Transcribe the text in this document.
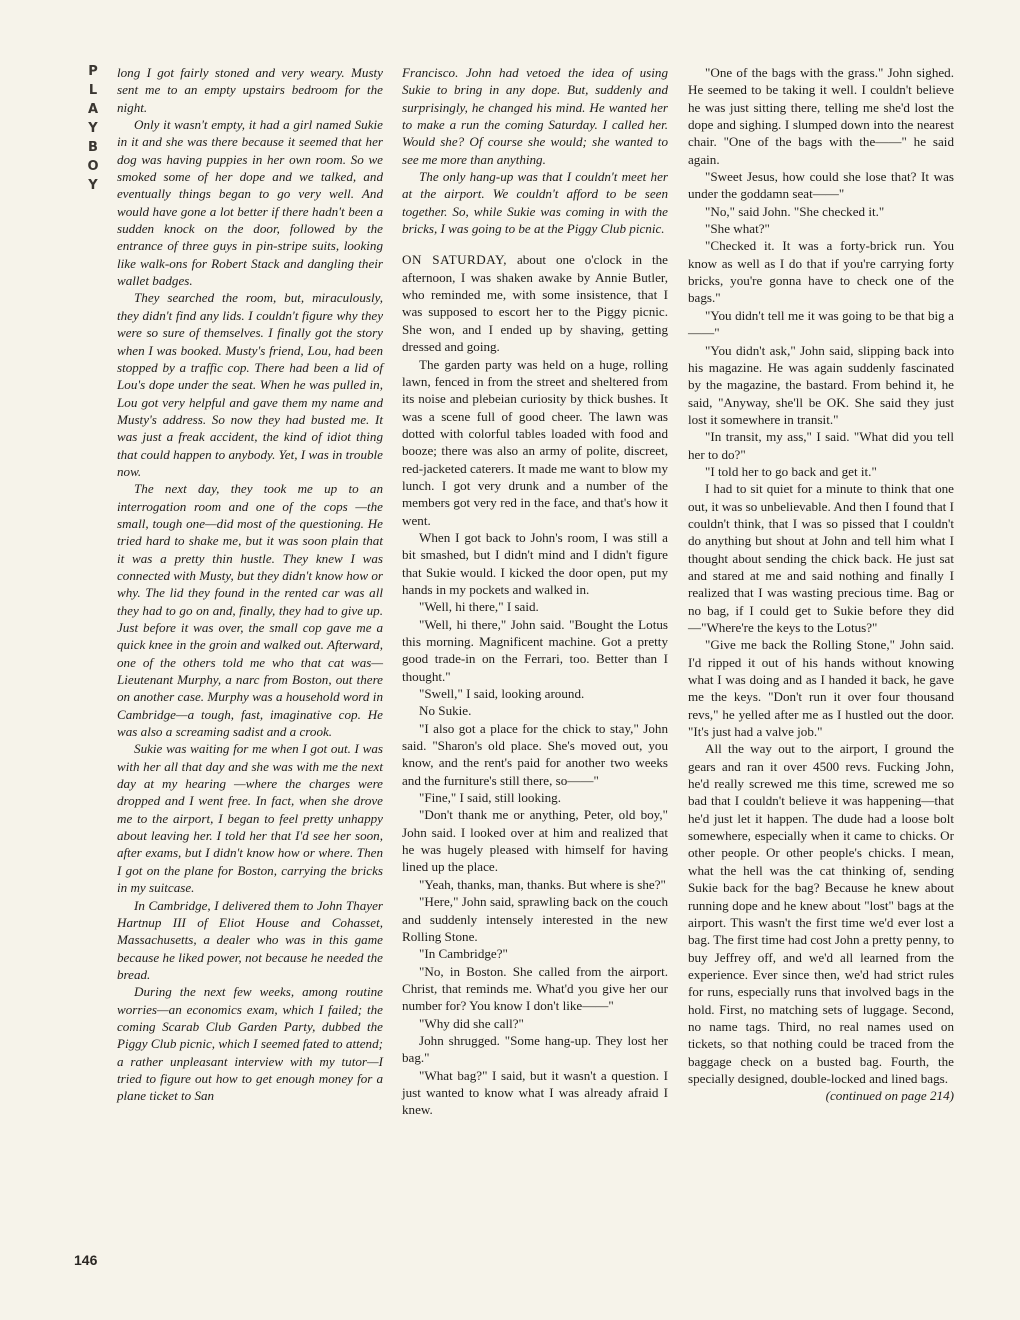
P
L
A
Y
B
O
Y
146

long I got fairly stoned and very weary. Musty sent me to an empty upstairs bedroom for the night.

Only it wasn't empty, it had a girl named Sukie in it and she was there because it seemed that her dog was having puppies in her own room. So we smoked some of her dope and we talked, and eventually things began to go very well. And would have gone a lot better if there hadn't been a sudden knock on the door, followed by the entrance of three guys in pin-stripe suits, looking like walk-ons for Robert Stack and dangling their wallet badges.

They searched the room, but, miraculously, they didn't find any lids. I couldn't figure why they were so sure of themselves. I finally got the story when I was booked. Musty's friend, Lou, had been stopped by a traffic cop. There had been a lid of Lou's dope under the seat. When he was pulled in, Lou got very helpful and gave them my name and Musty's address. So now they had busted me. It was just a freak accident, the kind of idiot thing that could happen to anybody. Yet, I was in trouble now.

The next day, they took me up to an interrogation room and one of the cops —the small, tough one—did most of the questioning. He tried hard to shake me, but it was soon plain that it was a pretty thin hustle. They knew I was connected with Musty, but they didn't know how or why. The lid they found in the rented car was all they had to go on and, finally, they had to give up. Just before it was over, the small cop gave me a quick knee in the groin and walked out. Afterward, one of the others told me who that cat was—Lieutenant Murphy, a narc from Boston, out there on another case. Murphy was a household word in Cambridge—a tough, fast, imaginative cop. He was also a screaming sadist and a crook.

Sukie was waiting for me when I got out. I was with her all that day and she was with me the next day at my hearing —where the charges were dropped and I went free. In fact, when she drove me to the airport, I began to feel pretty unhappy about leaving her. I told her that I'd see her soon, after exams, but I didn't know how or where. Then I got on the plane for Boston, carrying the bricks in my suitcase.

In Cambridge, I delivered them to John Thayer Hartnup III of Eliot House and Cohasset, Massachusetts, a dealer who was in this game because he liked power, not because he needed the bread.

During the next few weeks, among routine worries—an economics exam, which I failed; the coming Scarab Club Garden Party, dubbed the Piggy Club picnic, which I seemed fated to attend; a rather unpleasant interview with my tutor—I tried to figure out how to get enough money for a plane ticket to San

Francisco. John had vetoed the idea of using Sukie to bring in any dope. But, suddenly and surprisingly, he changed his mind. He wanted her to make a run the coming Saturday. I called her. Would she? Of course she would; she wanted to see me more than anything.

The only hang-up was that I couldn't meet her at the airport. We couldn't afford to be seen together. So, while Sukie was coming in with the bricks, I was going to be at the Piggy Club picnic.

ON SATURDAY, about one o'clock in the afternoon, I was shaken awake by Annie Butler, who reminded me, with some insistence, that I was supposed to escort her to the Piggy picnic. She won, and I ended up by shaving, getting dressed and going.

The garden party was held on a huge, rolling lawn, fenced in from the street and sheltered from its noise and plebeian curiosity by thick bushes. It was a scene full of good cheer. The lawn was dotted with colorful tables loaded with food and booze; there was also an army of polite, discreet, red-jacketed caterers. It made me want to blow my lunch. I got very drunk and a number of the members got very red in the face, and that's how it went.

When I got back to John's room, I was still a bit smashed, but I didn't mind and I didn't figure that Sukie would. I kicked the door open, put my hands in my pockets and walked in.

"Well, hi there," I said.

"Well, hi there," John said. "Bought the Lotus this morning. Magnificent machine. Got a pretty good trade-in on the Ferrari, too. Better than I thought."

"Swell," I said, looking around.

No Sukie.

"I also got a place for the chick to stay," John said. "Sharon's old place. She's moved out, you know, and the rent's paid for another two weeks and the furniture's still there, so——"

"Fine," I said, still looking.

"Don't thank me or anything, Peter, old boy," John said. I looked over at him and realized that he was hugely pleased with himself for having lined up the place.

"Yeah, thanks, man, thanks. But where is she?"

"Here," John said, sprawling back on the couch and suddenly intensely interested in the new Rolling Stone.

"In Cambridge?"

"No, in Boston. She called from the airport. Christ, that reminds me. What'd you give her our number for? You know I don't like——"

"Why did she call?"

John shrugged. "Some hang-up. They lost her bag."

"What bag?" I said, but it wasn't a question. I just wanted to know what I was already afraid I knew.

"One of the bags with the grass." John sighed. He seemed to be taking it well. I couldn't believe he was just sitting there, telling me she'd lost the dope and sighing. I slumped down into the nearest chair. "One of the bags with the——" he said again.

"Sweet Jesus, how could she lose that? It was under the goddamn seat——"

"No," said John. "She checked it."

"She what?"

"Checked it. It was a forty-brick run. You know as well as I do that if you're carrying forty bricks, you're gonna have to check one of the bags."

"You didn't tell me it was going to be that big a——"

"You didn't ask," John said, slipping back into his magazine. He was again suddenly fascinated by the magazine, the bastard. From behind it, he said, "Anyway, she'll be OK. She said they just lost it somewhere in transit."

"In transit, my ass," I said. "What did you tell her to do?"

"I told her to go back and get it."

I had to sit quiet for a minute to think that one out, it was so unbelievable. And then I found that I couldn't think, that I was so pissed that I couldn't do anything but shout at John and tell him what I thought about sending the chick back. He just sat and stared at me and said nothing and finally I realized that I was wasting precious time. Bag or no bag, if I could get to Sukie before they did—"Where're the keys to the Lotus?"

"Give me back the Rolling Stone," John said. I'd ripped it out of his hands without knowing what I was doing and as I handed it back, he gave me the keys. "Don't run it over four thousand revs," he yelled after me as I hustled out the door. "It's just had a valve job."

All the way out to the airport, I ground the gears and ran it over 4500 revs. Fucking John, he'd really screwed me this time, screwed me so bad that I couldn't believe it was happening—that he'd just let it happen. The dude had a loose bolt somewhere, especially when it came to chicks. Or other people. Or other people's chicks. I mean, what the hell was the cat thinking of, sending Sukie back for the bag? Because he knew about running dope and he knew about "lost" bags at the airport. This wasn't the first time we'd ever lost a bag. The first time had cost John a pretty penny, to buy Jeffrey off, and we'd all learned from the experience. Ever since then, we'd had strict rules for runs, especially runs that involved bags in the hold. First, no matching sets of luggage. Second, no name tags. Third, no real names used on tickets, so that nothing could be traced from the baggage check on a busted bag. Fourth, the specially designed, double-locked and lined bags.

(continued on page 214)
